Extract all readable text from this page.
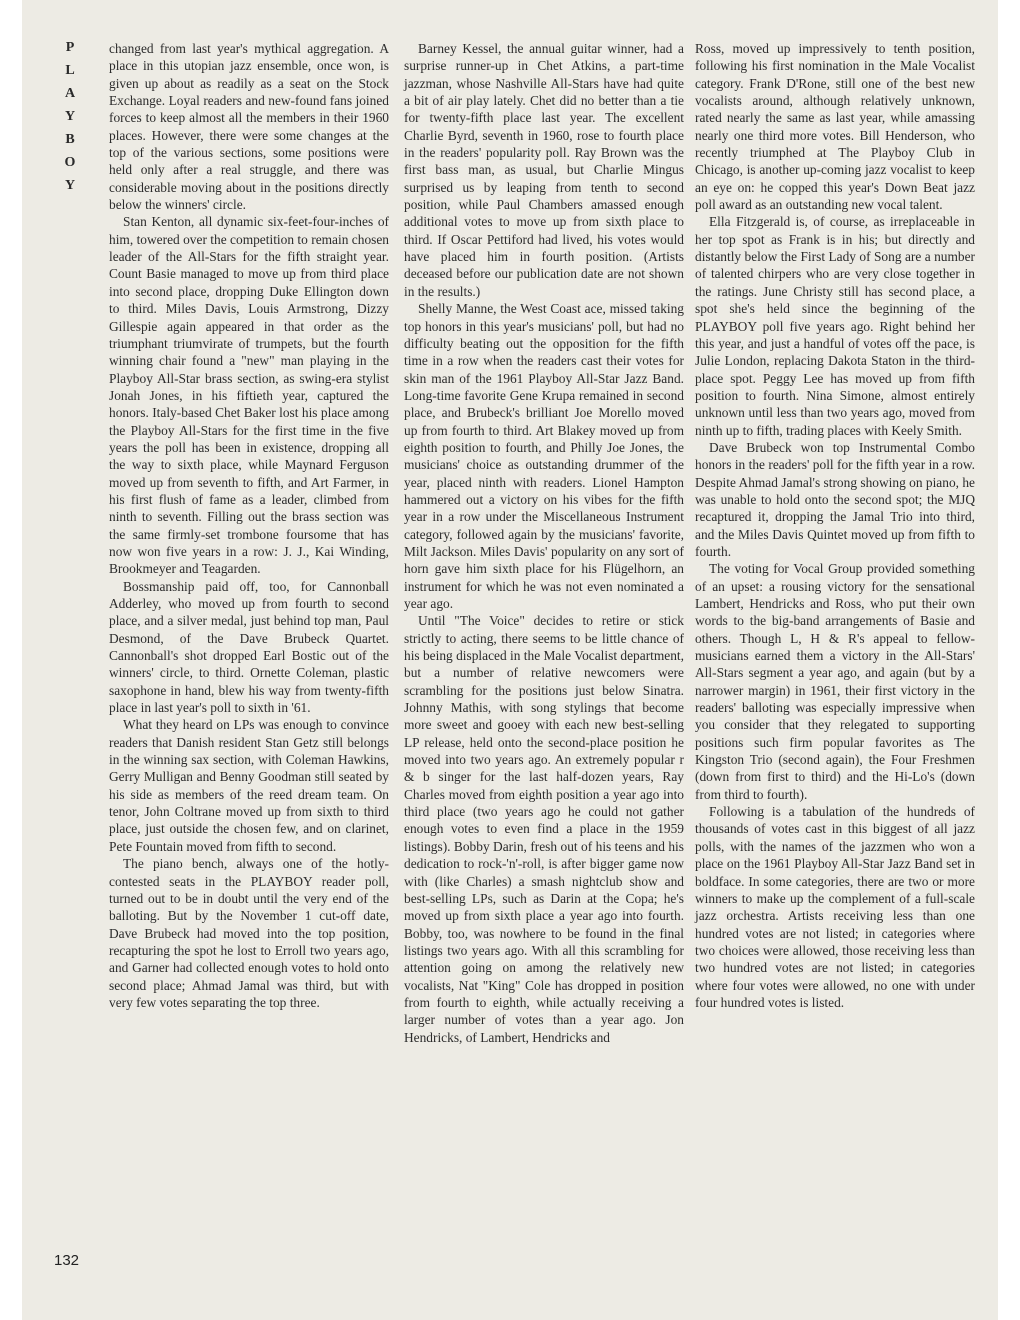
PLAYBOY

changed from last year's mythical aggregation. A place in this utopian jazz ensemble, once won, is given up about as readily as a seat on the Stock Exchange. Loyal readers and new-found fans joined forces to keep almost all the members in their 1960 places. However, there were some changes at the top of the various sections, some positions were held only after a real struggle, and there was considerable moving about in the positions directly below the winners' circle.

Stan Kenton, all dynamic six-feet-four-inches of him, towered over the competition to remain chosen leader of the All-Stars for the fifth straight year. Count Basie managed to move up from third place into second place, dropping Duke Ellington down to third. Miles Davis, Louis Armstrong, Dizzy Gillespie again appeared in that order as the triumphant triumvirate of trumpets, but the fourth winning chair found a "new" man playing in the Playboy All-Star brass section, as swing-era stylist Jonah Jones, in his fiftieth year, captured the honors. Italy-based Chet Baker lost his place among the Playboy All-Stars for the first time in the five years the poll has been in existence, dropping all the way to sixth place, while Maynard Ferguson moved up from seventh to fifth, and Art Farmer, in his first flush of fame as a leader, climbed from ninth to seventh. Filling out the brass section was the same firmly-set trombone foursome that has now won five years in a row: J. J., Kai Winding, Brookmeyer and Teagarden.

Bossmanship paid off, too, for Cannonball Adderley, who moved up from fourth to second place, and a silver medal, just behind top man, Paul Desmond, of the Dave Brubeck Quartet. Cannonball's shot dropped Earl Bostic out of the winners' circle, to third. Ornette Coleman, plastic saxophone in hand, blew his way from twenty-fifth place in last year's poll to sixth in '61.

What they heard on LPs was enough to convince readers that Danish resident Stan Getz still belongs in the winning sax section, with Coleman Hawkins, Gerry Mulligan and Benny Goodman still seated by his side as members of the reed dream team. On tenor, John Coltrane moved up from sixth to third place, just outside the chosen few, and on clarinet, Pete Fountain moved from fifth to second.

The piano bench, always one of the hotly-contested seats in the PLAYBOY reader poll, turned out to be in doubt until the very end of the balloting. But by the November 1 cut-off date, Dave Brubeck had moved into the top position, recapturing the spot he lost to Erroll two years ago, and Garner had collected enough votes to hold onto second place; Ahmad Jamal was third, but with very few votes separating the top three.

Barney Kessel, the annual guitar winner, had a surprise runner-up in Chet Atkins, a part-time jazzman, whose Nashville All-Stars have had quite a bit of air play lately. Chet did no better than a tie for twenty-fifth place last year. The excellent Charlie Byrd, seventh in 1960, rose to fourth place in the readers' popularity poll. Ray Brown was the first bass man, as usual, but Charlie Mingus surprised us by leaping from tenth to second position, while Paul Chambers amassed enough additional votes to move up from sixth place to third. If Oscar Pettiford had lived, his votes would have placed him in fourth position. (Artists deceased before our publication date are not shown in the results.)

Shelly Manne, the West Coast ace, missed taking top honors in this year's musicians' poll, but had no difficulty beating out the opposition for the fifth time in a row when the readers cast their votes for skin man of the 1961 Playboy All-Star Jazz Band. Long-time favorite Gene Krupa remained in second place, and Brubeck's brilliant Joe Morello moved up from fourth to third. Art Blakey moved up from eighth position to fourth, and Philly Joe Jones, the musicians' choice as outstanding drummer of the year, placed ninth with readers. Lionel Hampton hammered out a victory on his vibes for the fifth year in a row under the Miscellaneous Instrument category, followed again by the musicians' favorite, Milt Jackson. Miles Davis' popularity on any sort of horn gave him sixth place for his Flügelhorn, an instrument for which he was not even nominated a year ago.

Until "The Voice" decides to retire or stick strictly to acting, there seems to be little chance of his being displaced in the Male Vocalist department, but a number of relative newcomers were scrambling for the positions just below Sinatra. Johnny Mathis, with song stylings that become more sweet and gooey with each new best-selling LP release, held onto the second-place position he moved into two years ago. An extremely popular r & b singer for the last half-dozen years, Ray Charles moved from eighth position a year ago into third place (two years ago he could not gather enough votes to even find a place in the 1959 listings). Bobby Darin, fresh out of his teens and his dedication to rock-'n'-roll, is after bigger game now with (like Charles) a smash nightclub show and best-selling LPs, such as Darin at the Copa; he's moved up from sixth place a year ago into fourth. Bobby, too, was nowhere to be found in the final listings two years ago. With all this scrambling for attention going on among the relatively new vocalists, Nat "King" Cole has dropped in position from fourth to eighth, while actually receiving a larger number of votes than a year ago. Jon Hendricks, of Lambert, Hendricks and

Ross, moved up impressively to tenth position, following his first nomination in the Male Vocalist category. Frank D'Rone, still one of the best new vocalists around, although relatively unknown, rated nearly the same as last year, while amassing nearly one third more votes. Bill Henderson, who recently triumphed at The Playboy Club in Chicago, is another up-coming jazz vocalist to keep an eye on: he copped this year's Down Beat jazz poll award as an outstanding new vocal talent.

Ella Fitzgerald is, of course, as irreplaceable in her top spot as Frank is in his; but directly and distantly below the First Lady of Song are a number of talented chirpers who are very close together in the ratings. June Christy still has second place, a spot she's held since the beginning of the PLAYBOY poll five years ago. Right behind her this year, and just a handful of votes off the pace, is Julie London, replacing Dakota Staton in the third-place spot. Peggy Lee has moved up from fifth position to fourth. Nina Simone, almost entirely unknown until less than two years ago, moved from ninth up to fifth, trading places with Keely Smith.

Dave Brubeck won top Instrumental Combo honors in the readers' poll for the fifth year in a row. Despite Ahmad Jamal's strong showing on piano, he was unable to hold onto the second spot; the MJQ recaptured it, dropping the Jamal Trio into third, and the Miles Davis Quintet moved up from fifth to fourth.

The voting for Vocal Group provided something of an upset: a rousing victory for the sensational Lambert, Hendricks and Ross, who put their own words to the big-band arrangements of Basie and others. Though L, H & R's appeal to fellow-musicians earned them a victory in the All-Stars' All-Stars segment a year ago, and again (but by a narrower margin) in 1961, their first victory in the readers' balloting was especially impressive when you consider that they relegated to supporting positions such firm popular favorites as The Kingston Trio (second again), the Four Freshmen (down from first to third) and the Hi-Lo's (down from third to fourth).

Following is a tabulation of the hundreds of thousands of votes cast in this biggest of all jazz polls, with the names of the jazzmen who won a place on the 1961 Playboy All-Star Jazz Band set in boldface. In some categories, there are two or more winners to make up the complement of a full-scale jazz orchestra. Artists receiving less than one hundred votes are not listed; in categories where two choices were allowed, those receiving less than two hundred votes are not listed; in categories where four votes were allowed, no one with under four hundred votes is listed.

132
